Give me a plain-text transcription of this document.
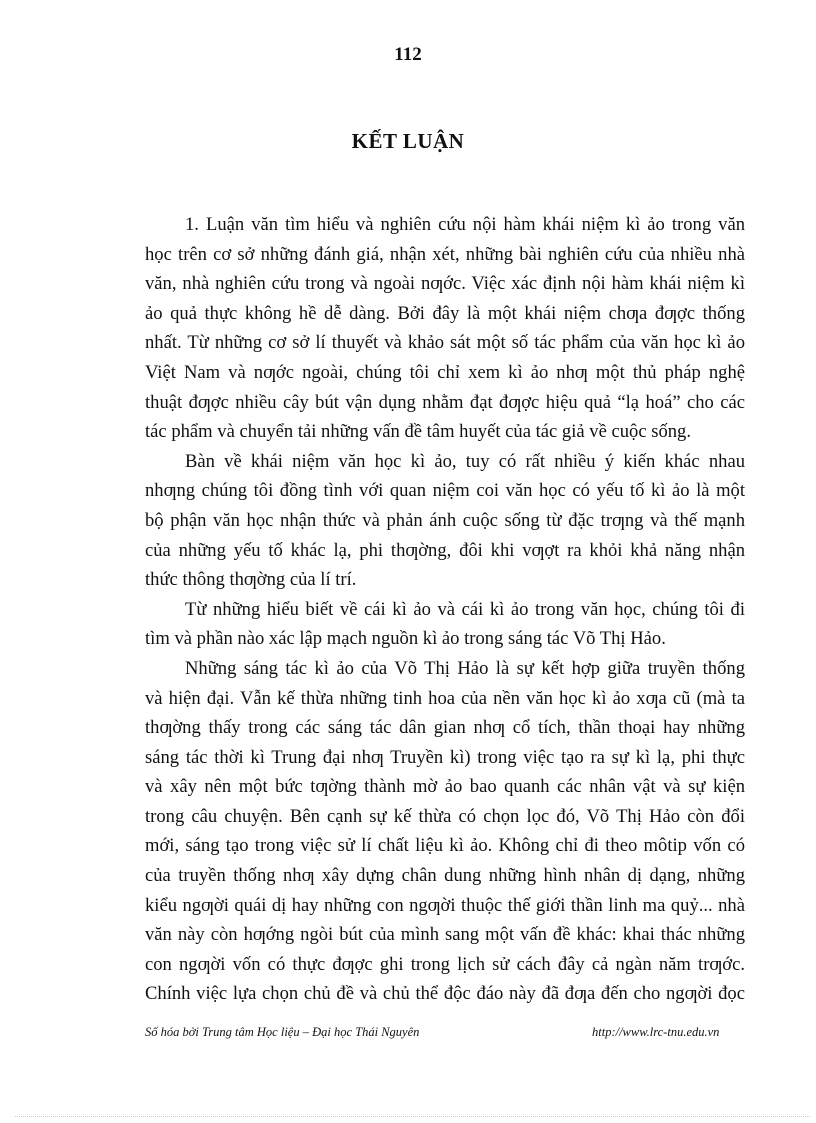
112
KẾT LUẬN
1. Luận văn tìm hiểu và nghiên cứu nội hàm khái niệm kì ảo trong văn
học trên cơ sở những đánh giá, nhận xét, những bài nghiên cứu của nhiều nhà
văn, nhà nghiên cứu trong và ngoài nƣớc. Việc xác định nội hàm khái niệm kì
ảo quả thực không hề dễ dàng. Bởi đây là một khái niệm chƣa đƣợc thống
nhất. Từ những cơ sở lí thuyết và khảo sát một số tác phẩm của văn học kì ảo
Việt Nam và nƣớc ngoài, chúng tôi chỉ xem kì ảo nhƣ một thủ pháp nghệ
thuật đƣợc nhiều cây bút vận dụng nhằm đạt đƣợc hiệu quả “lạ hoá” cho các
tác phẩm và chuyển tải những vấn đề tâm huyết của tác giả về cuộc sống.
Bàn về khái niệm văn học kì ảo, tuy có rất nhiều ý kiến khác nhau
nhƣng chúng tôi đồng tình với quan niệm coi văn học có yếu tố kì ảo là một
bộ phận văn học nhận thức và phản ánh cuộc sống từ đặc trƣng và thế mạnh
của những yếu tố khác lạ, phi thƣờng, đôi khi vƣợt ra khỏi khả năng nhận
thức thông thƣờng của lí trí.
Từ những hiểu biết về cái kì ảo và cái kì ảo trong văn học, chúng tôi đi
tìm và phần nào xác lập mạch nguồn kì ảo trong sáng tác Võ Thị Hảo.
Những sáng tác kì ảo của Võ Thị Hảo là sự kết hợp giữa truyền thống
và hiện đại. Vẫn kế thừa những tinh hoa của nền văn học kì ảo xƣa cũ (mà ta
thƣờng thấy trong các sáng tác dân gian nhƣ cổ tích, thần thoại hay những
sáng tác thời kì Trung đại nhƣ Truyền kì) trong việc tạo ra sự kì lạ, phi thực
và xây nên một bức tƣờng thành mờ ảo bao quanh các nhân vật và sự kiện
trong câu chuyện. Bên cạnh sự kế thừa có chọn lọc đó, Võ Thị Hảo còn đổi
mới, sáng tạo trong việc sử lí chất liệu kì ảo. Không chỉ đi theo môtip vốn có
của truyền thống nhƣ xây dựng chân dung những hình nhân dị dạng, những
kiểu ngƣời quái dị hay những con ngƣời thuộc thế giới thần linh ma quỷ... nhà
văn này còn hƣớng ngòi bút của mình sang một vấn đề khác: khai thác những
con ngƣời vốn có thực đƣợc ghi trong lịch sử cách đây cả ngàn năm trƣớc.
Chính việc lựa chọn chủ đề và chủ thể độc đáo này đã đƣa đến cho ngƣời đọc
Số hóa bởi Trung tâm Học liệu – Đại học Thái Nguyên	http://www.lrc-tnu.edu.vn
